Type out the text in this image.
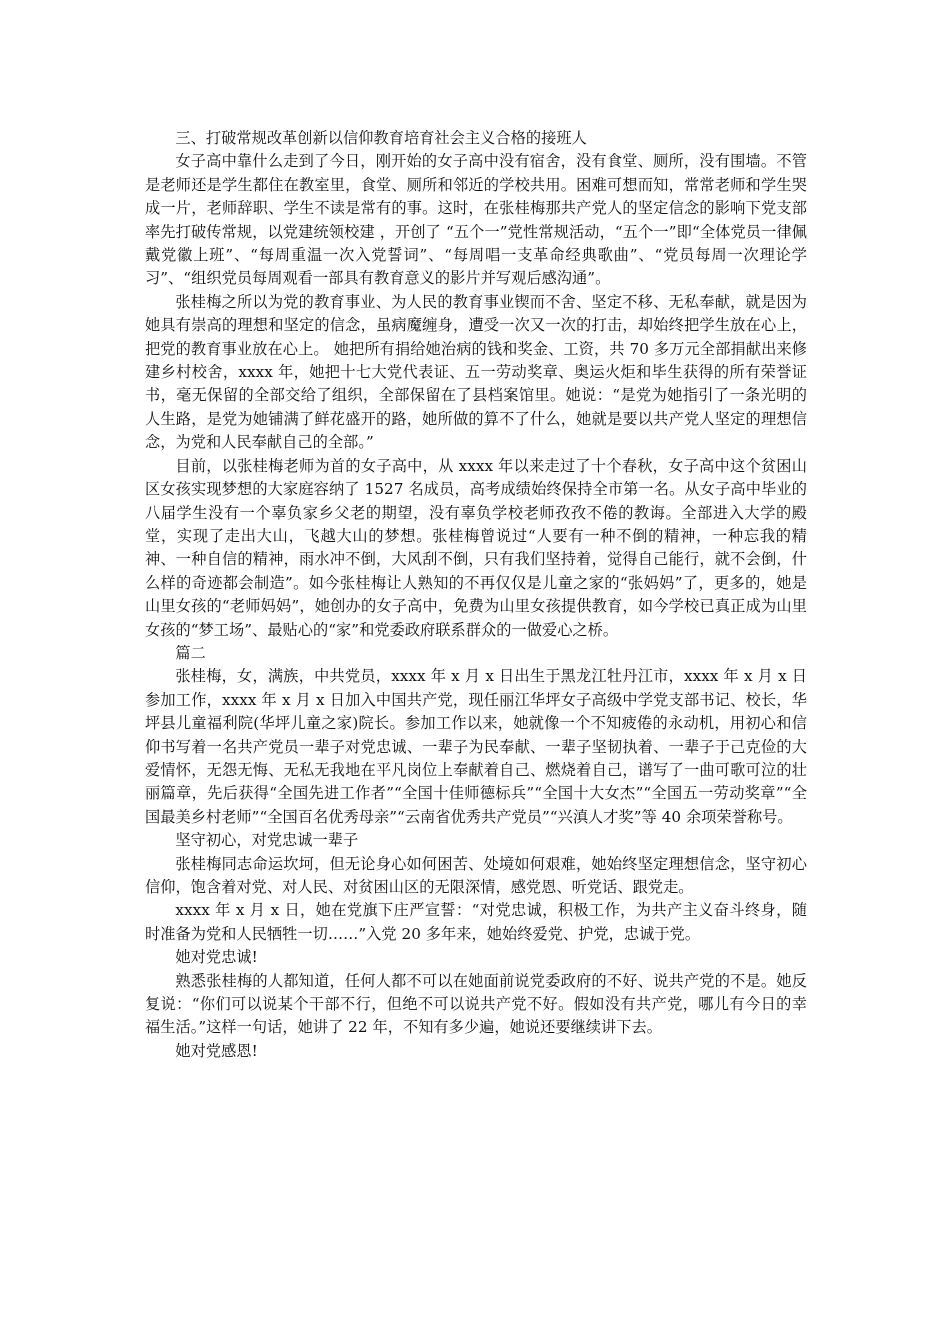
三、打破常规改革创新以信仰教育培育社会主义合格的接班人

女子高中靠什么走到了今日，刚开始的女子高中没有宿舍，没有食堂、厕所，没有围墙。不管是老师还是学生都住在教室里，食堂、厕所和邻近的学校共用。困难可想而知，常常老师和学生哭成一片，老师辞职、学生不读是常有的事。这时，在张桂梅那共产党人的坚定信念的影响下党支部率先打破传常规，以党建统领校建 ，开创了 “五个一”党性常规活动，“五个一”即“全体党员一律佩戴党徽上班”、“每周重温一次入党誓词”、“每周唱一支革命经典歌曲”、“党员每周一次理论学习”、“组织党员每周观看一部具有教育意义的影片并写观后感沟通”。

张桂梅之所以为党的教育事业、为人民的教育事业锲而不舍、坚定不移、无私奉献，就是因为她具有崇高的理想和坚定的信念，虽病魔缠身，遭受一次又一次的打击，却始终把学生放在心上，把党的教育事业放在心上。 她把所有捐给她治病的钱和奖金、工资，共 70 多万元全部捐献出来修建乡村校舍，xxxx 年，她把十七大党代表证、五一劳动奖章、奥运火炬和毕生获得的所有荣誉证书，毫无保留的全部交给了组织，全部保留在了县档案馆里。她说：“是党为她指引了一条光明的人生路，是党为她铺满了鲜花盛开的路，她所做的算不了什么，她就是要以共产党人坚定的理想信念，为党和人民奉献自己的全部。”

目前，以张桂梅老师为首的女子高中，从 xxxx 年以来走过了十个春秋，女子高中这个贫困山区女孩实现梦想的大家庭容纳了 1527 名成员，高考成绩始终保持全市第一名。从女子高中毕业的八届学生没有一个辜负家乡父老的期望，没有辜负学校老师孜孜不倦的教诲。全部进入大学的殿堂，实现了走出大山，飞越大山的梦想。张桂梅曾说过“人要有一种不倒的精神，一种忘我的精神、一种自信的精神，雨水冲不倒，大风刮不倒，只有我们坚持着，觉得自己能行，就不会倒，什么样的奇迹都会制造”。如今张桂梅让人熟知的不再仅仅是儿童之家的“张妈妈”了，更多的，她是山里女孩的“老师妈妈”，她创办的女子高中，免费为山里女孩提供教育，如今学校已真正成为山里女孩的“梦工场”、最贴心的“家”和党委政府联系群众的一做爱心之桥。

篇二

张桂梅，女，满族，中共党员，xxxx 年 x 月 x 日出生于黑龙江牡丹江市，xxxx 年 x 月 x 日参加工作，xxxx 年 x 月 x 日加入中国共产党，现任丽江华坪女子高级中学党支部书记、校长，华坪县儿童福利院(华坪儿童之家)院长。参加工作以来，她就像一个不知疲倦的永动机，用初心和信仰书写着一名共产党员一辈子对党忠诚、一辈子为民奉献、一辈子坚韧执着、一辈子于己克俭的大爱情怀，无怨无悔、无私无我地在平凡岗位上奉献着自己、燃烧着自己，谱写了一曲可歌可泣的壮丽篇章，先后获得“全国先进工作者”“全国十佳师德标兵”“全国十大女杰”“全国五一劳动奖章”“全国最美乡村老师”“全国百名优秀母亲”“云南省优秀共产党员”“兴滇人才奖”等 40 余项荣誉称号。

坚守初心，对党忠诚一辈子

张桂梅同志命运坎坷，但无论身心如何困苦、处境如何艰难，她始终坚定理想信念，坚守初心信仰，饱含着对党、对人民、对贫困山区的无限深情，感党恩、听党话、跟党走。

xxxx 年 x 月 x 日，她在党旗下庄严宣誓：“对党忠诚，积极工作，为共产主义奋斗终身，随时准备为党和人民牺牲一切……”入党 20 多年来，她始终爱党、护党，忠诚于党。

她对党忠诚!

熟悉张桂梅的人都知道，任何人都不可以在她面前说党委政府的不好、说共产党的不是。她反复说：“你们可以说某个干部不行，但绝不可以说共产党不好。假如没有共产党，哪儿有今日的幸福生活。”这样一句话，她讲了 22 年，不知有多少遍，她说还要继续讲下去。

她对党感恩!
